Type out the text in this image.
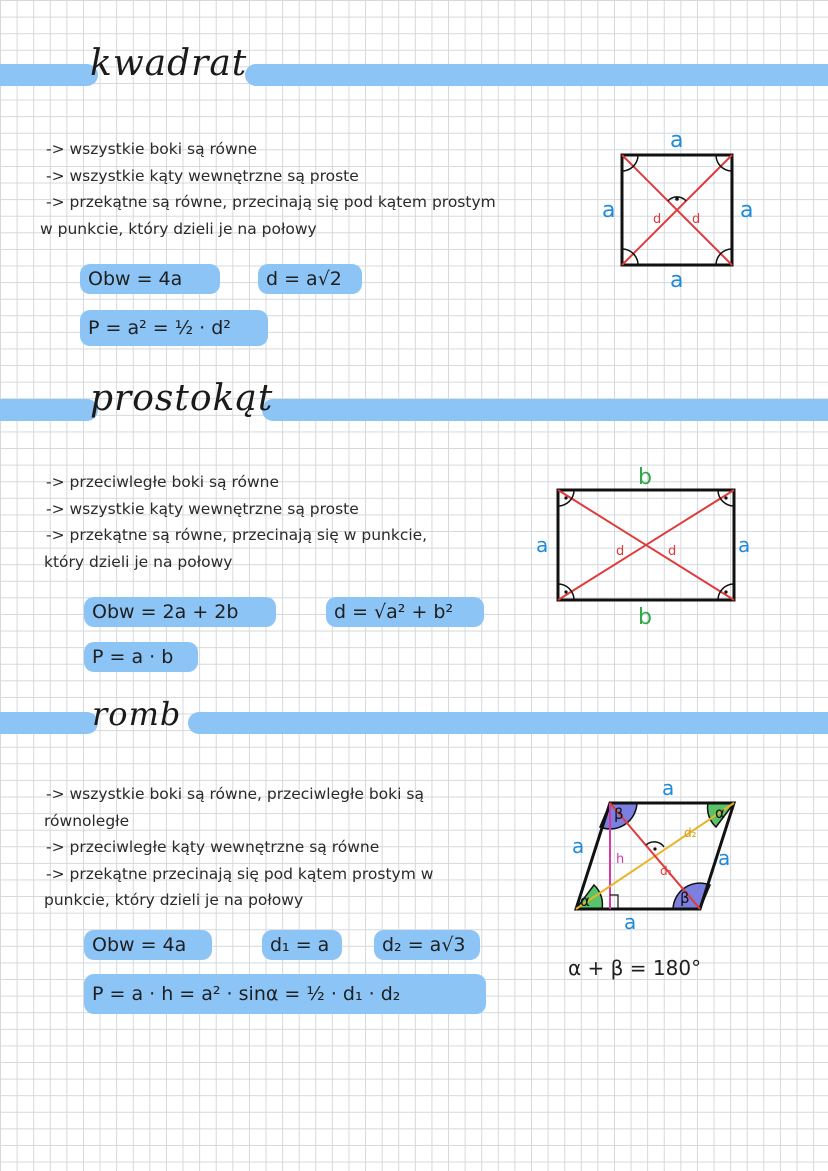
kwadrat
-> wszystkie boki są równe
-> wszystkie kąty wewnętrzne są proste
-> przekątne są równe, przecinają się pod kątem prostym
w punkcie, który dzieli je na połowy
Obw = 4a	d = a√2
P = a² = ½ · d²
a
a
a	a
d d
prostokąt
-> przeciwległe boki są równe
-> wszystkie kąty wewnętrzne są proste
-> przekątne są równe, przecinają się w punkcie,
który dzieli je na połowy
Obw = 2a + 2b	d = √a² + b²
P = a · b
b
b
a	a
d	d
romb
-> wszystkie boki są równe, przeciwległe boki są
równoległe
-> przeciwległe kąty wewnętrzne są równe
-> przekątne przecinają się pod kątem prostym w
punkcie, który dzieli je na połowy
Obw = 4a	d₁ = a	d₂ = a√3
P = a · h = a² · sinα = ½ · d₁ · d₂
a
a
a	a
α
α
β
β
h
d₁
d₂
α + β = 180°
